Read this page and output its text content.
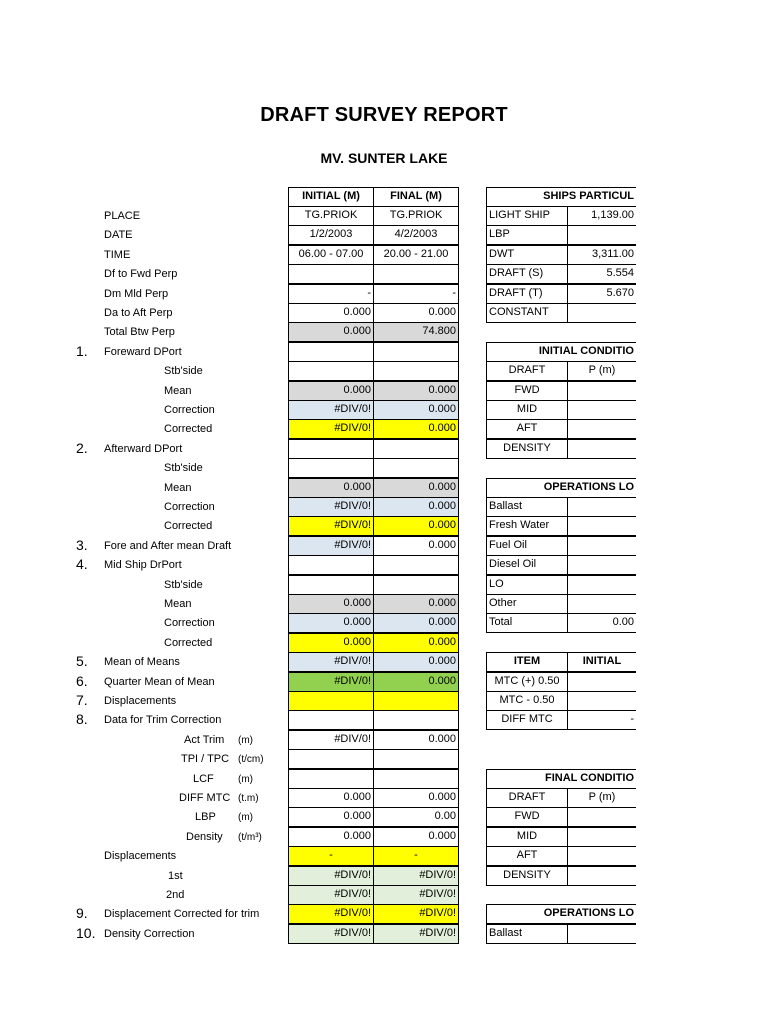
DRAFT SURVEY REPORT
MV. SUNTER LAKE
INITIAL (M)	FINAL (M)
PLACE	TG.PRIOK	TG.PRIOK
DATE	1/2/2003	4/2/2003
TIME	06.00 - 07.00	20.00 - 21.00
Df to Fwd Perp
Dm Mld Perp	-	-
Da to Aft Perp	0.000	0.000
Total Btw Perp	0.000	74.800
1. Foreward DPort
Stb'side
Mean	0.000	0.000
Correction	#DIV/0!	0.000
Corrected	#DIV/0!	0.000
2. Afterward DPort
Stb'side
Mean	0.000	0.000
Correction	#DIV/0!	0.000
Corrected	#DIV/0!	0.000
3. Fore and After mean Draft	#DIV/0!	0.000
4. Mid Ship DrPort
Stb'side
Mean	0.000	0.000
Correction	0.000	0.000
Corrected	0.000	0.000
5. Mean of Means	#DIV/0!	0.000
6. Quarter Mean of Mean	#DIV/0!	0.000
7. Displacements
8. Data for Trim Correction
Act Trim (m)	#DIV/0!	0.000
TPI / TPC (t/cm)
LCF (m)
DIFF MTC (t.m)	0.000	0.000
LBP (m)	0.000	0.00
Density (t/m³)	0.000	0.000
Displacements	-	-
1st	#DIV/0!	#DIV/0!
2nd	#DIV/0!	#DIV/0!
9. Displacement Corrected for trim	#DIV/0!	#DIV/0!
10. Density Correction	#DIV/0!	#DIV/0!
SHIPS PARTICUL
LIGHT SHIP	1,139.00
LBP
DWT	3,311.00
DRAFT (S)	5.554
DRAFT (T)	5.670
CONSTANT
INITIAL CONDITIO
DRAFT	P (m)
FWD
MID
AFT
DENSITY
OPERATIONS LO
Ballast
Fresh Water
Fuel Oil
Diesel Oil
LO
Other
Total	0.00
ITEM	INITIAL
MTC (+) 0.50
MTC - 0.50
DIFF MTC	-
FINAL CONDITIO
DRAFT	P (m)
FWD
MID
AFT
DENSITY
OPERATIONS LO
Ballast
